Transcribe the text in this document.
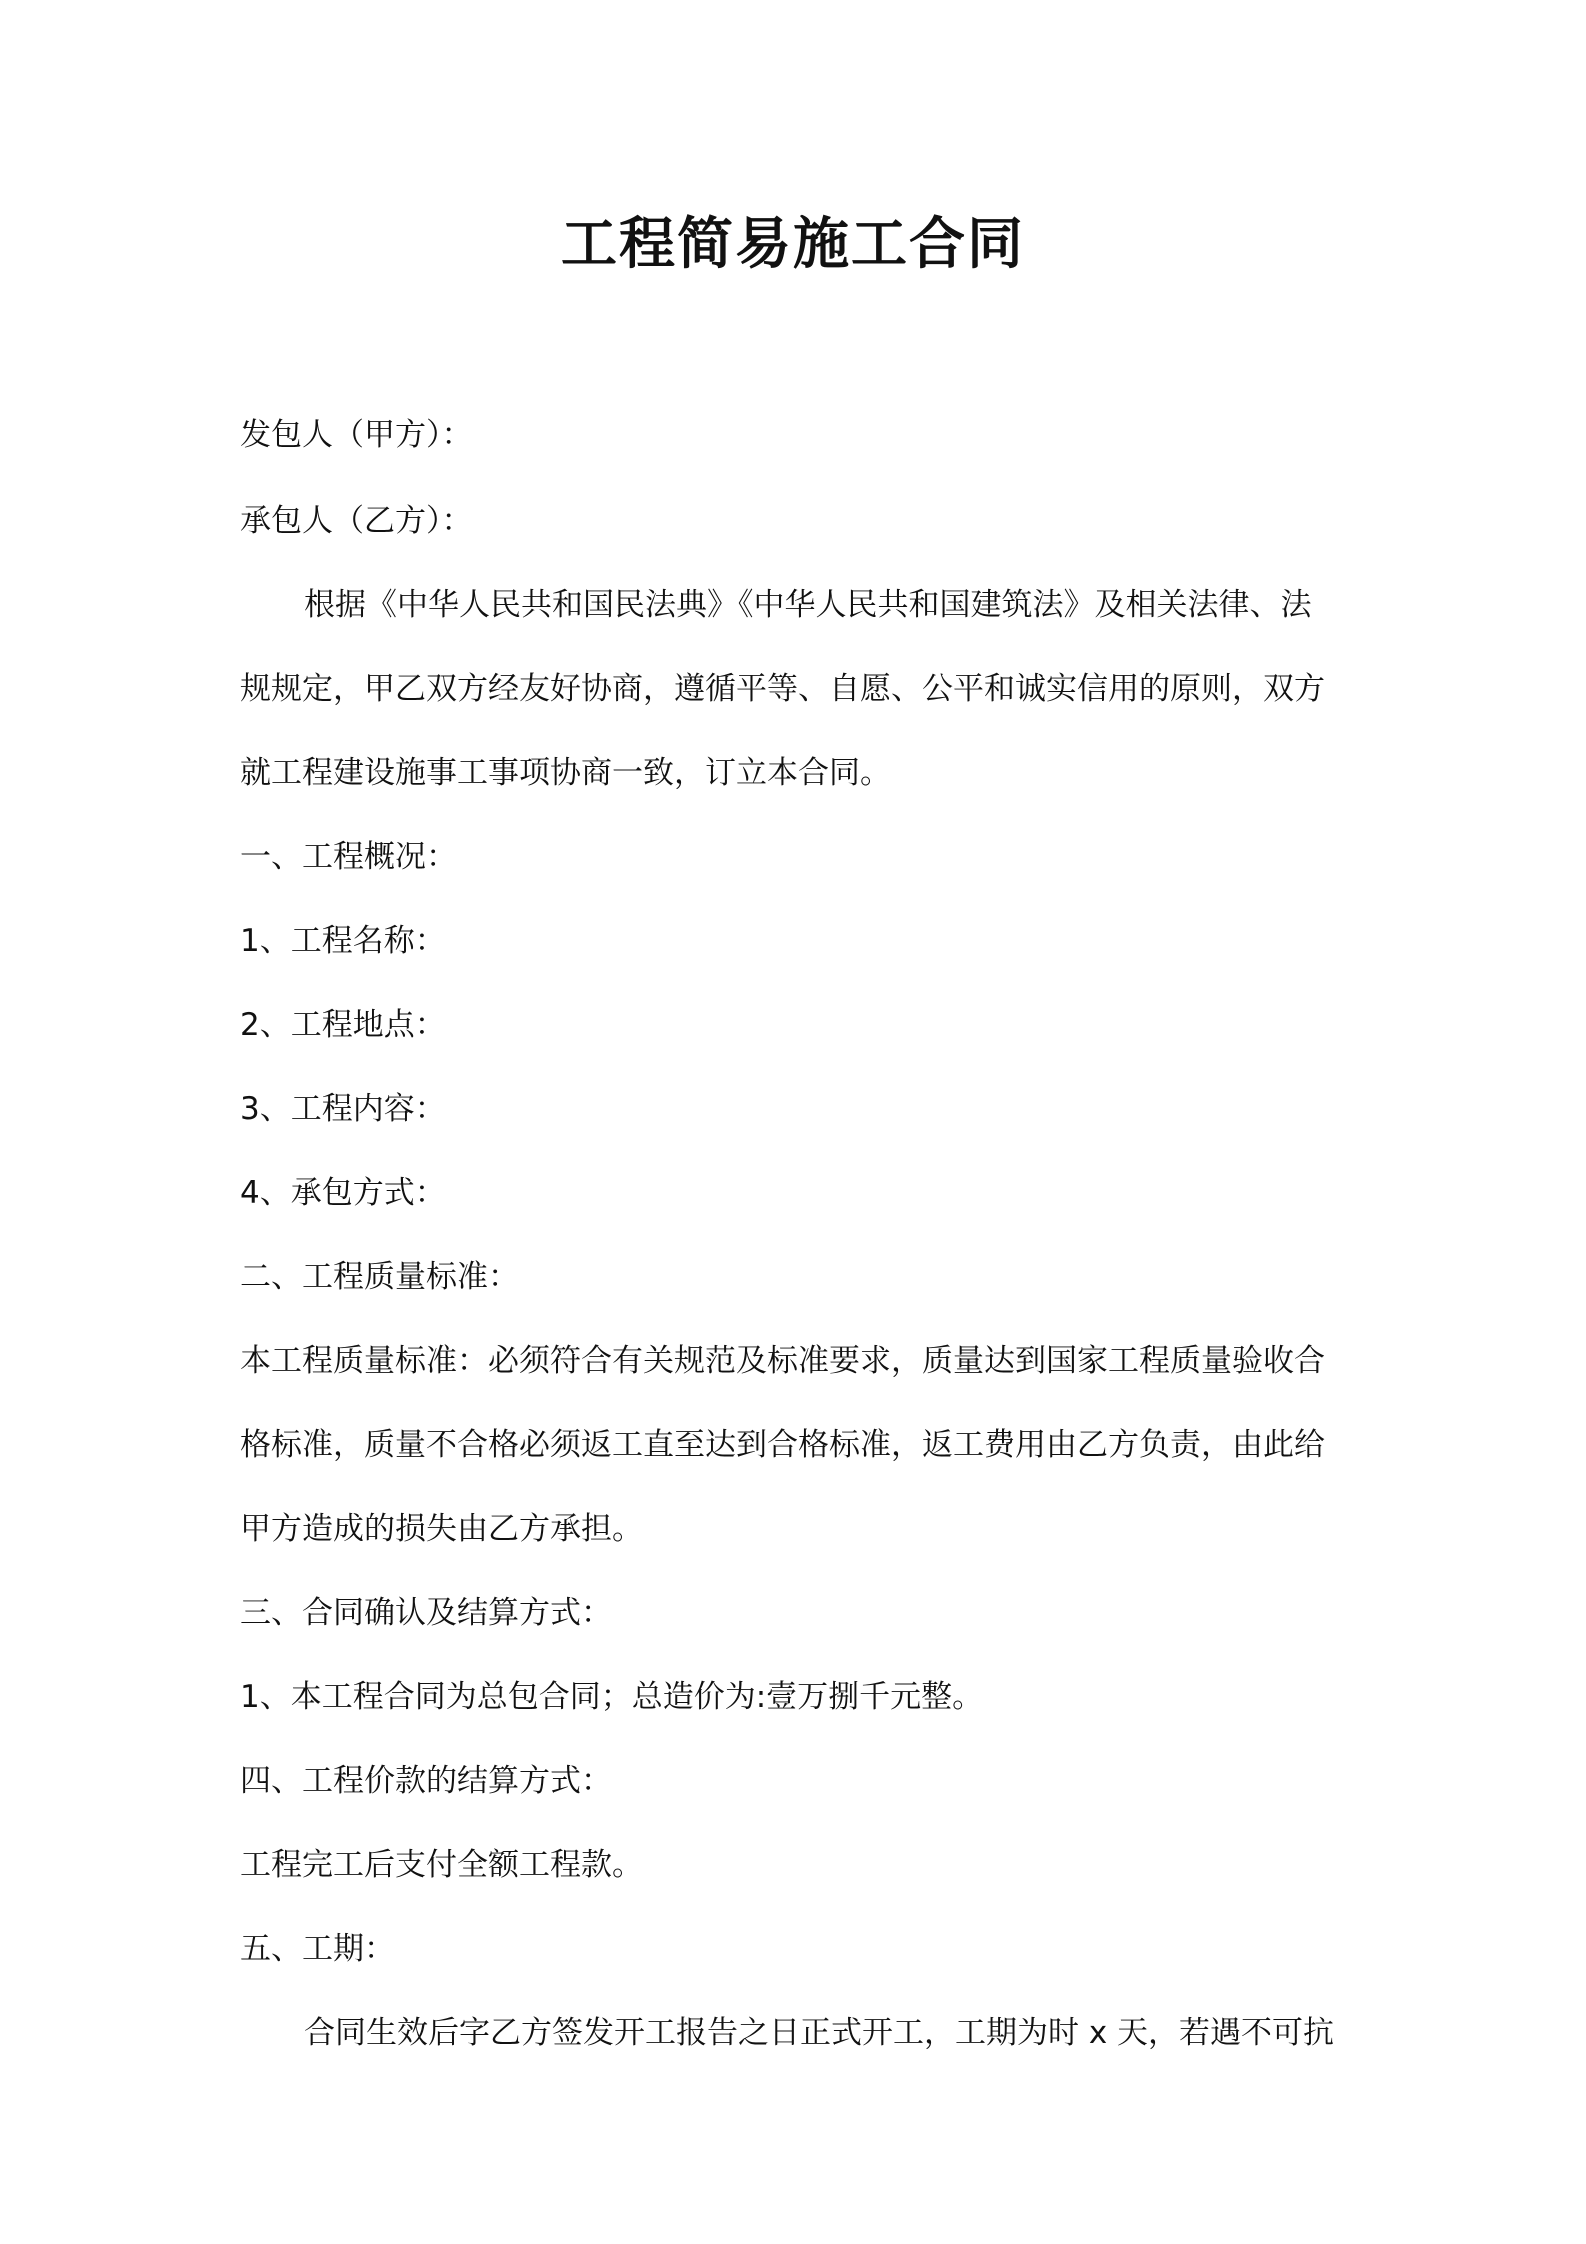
工程简易施工合同
发包人（甲方）：
承包人（乙方）：
根据《中华人民共和国民法典》《中华人民共和国建筑法》及相关法律、法
规规定，甲乙双方经友好协商，遵循平等、自愿、公平和诚实信用的原则，双方
就工程建设施事工事项协商一致，订立本合同。
一、工程概况：
1、工程名称：
2、工程地点：
3、工程内容：
4、承包方式：
二、工程质量标准：
本工程质量标准：必须符合有关规范及标准要求，质量达到国家工程质量验收合
格标准，质量不合格必须返工直至达到合格标准，返工费用由乙方负责，由此给
甲方造成的损失由乙方承担。
三、合同确认及结算方式：
1、本工程合同为总包合同；总造价为:壹万捌千元整。
四、工程价款的结算方式：
工程完工后支付全额工程款。
五、工期：
合同生效后字乙方签发开工报告之日正式开工，工期为时 x 天，若遇不可抗
